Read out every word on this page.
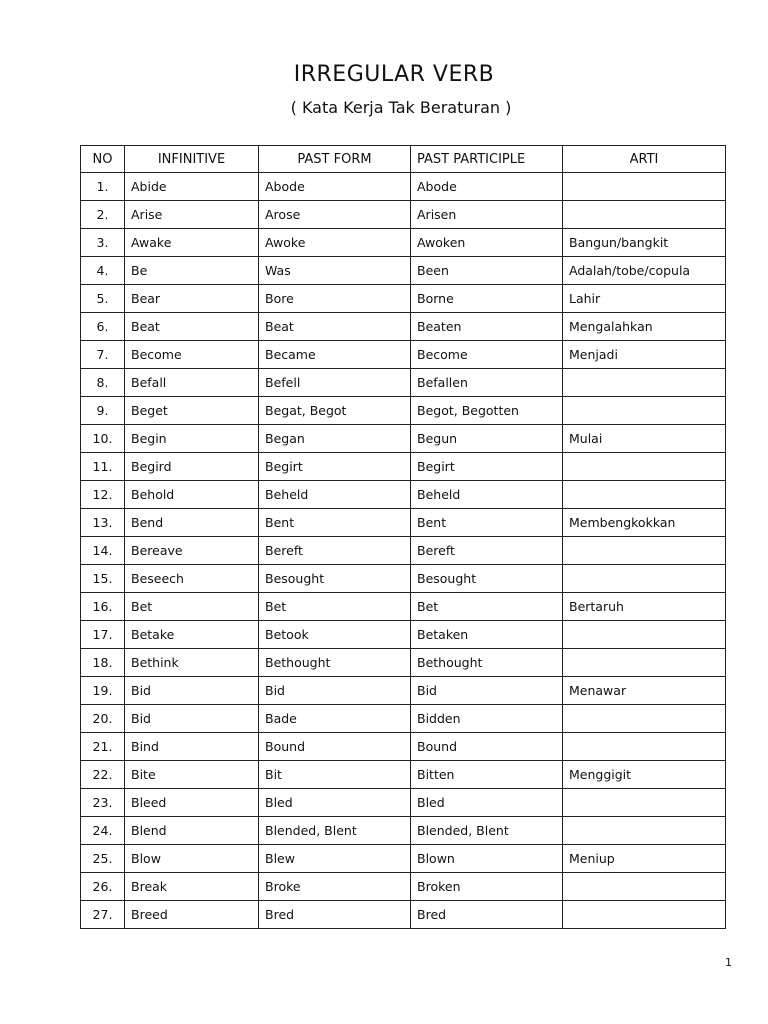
IRREGULAR VERB
( Kata Kerja Tak Beraturan )
NO	INFINITIVE	PAST FORM	PAST PARTICIPLE	ARTI
1.	Abide	Abode	Abode	
2.	Arise	Arose	Arisen	
3.	Awake	Awoke	Awoken	Bangun/bangkit
4.	Be	Was	Been	Adalah/tobe/copula
5.	Bear	Bore	Borne	Lahir
6.	Beat	Beat	Beaten	Mengalahkan
7.	Become	Became	Become	Menjadi
8.	Befall	Befell	Befallen	
9.	Beget	Begat, Begot	Begot, Begotten	
10.	Begin	Began	Begun	Mulai
11.	Begird	Begirt	Begirt	
12.	Behold	Beheld	Beheld	
13.	Bend	Bent	Bent	Membengkokkan
14.	Bereave	Bereft	Bereft	
15.	Beseech	Besought	Besought	
16.	Bet	Bet	Bet	Bertaruh
17.	Betake	Betook	Betaken	
18.	Bethink	Bethought	Bethought	
19.	Bid	Bid	Bid	Menawar
20.	Bid	Bade	Bidden	
21.	Bind	Bound	Bound	
22.	Bite	Bit	Bitten	Menggigit
23.	Bleed	Bled	Bled	
24.	Blend	Blended, Blent	Blended, Blent	
25.	Blow	Blew	Blown	Meniup
26.	Break	Broke	Broken	
27.	Breed	Bred	Bred	
1
